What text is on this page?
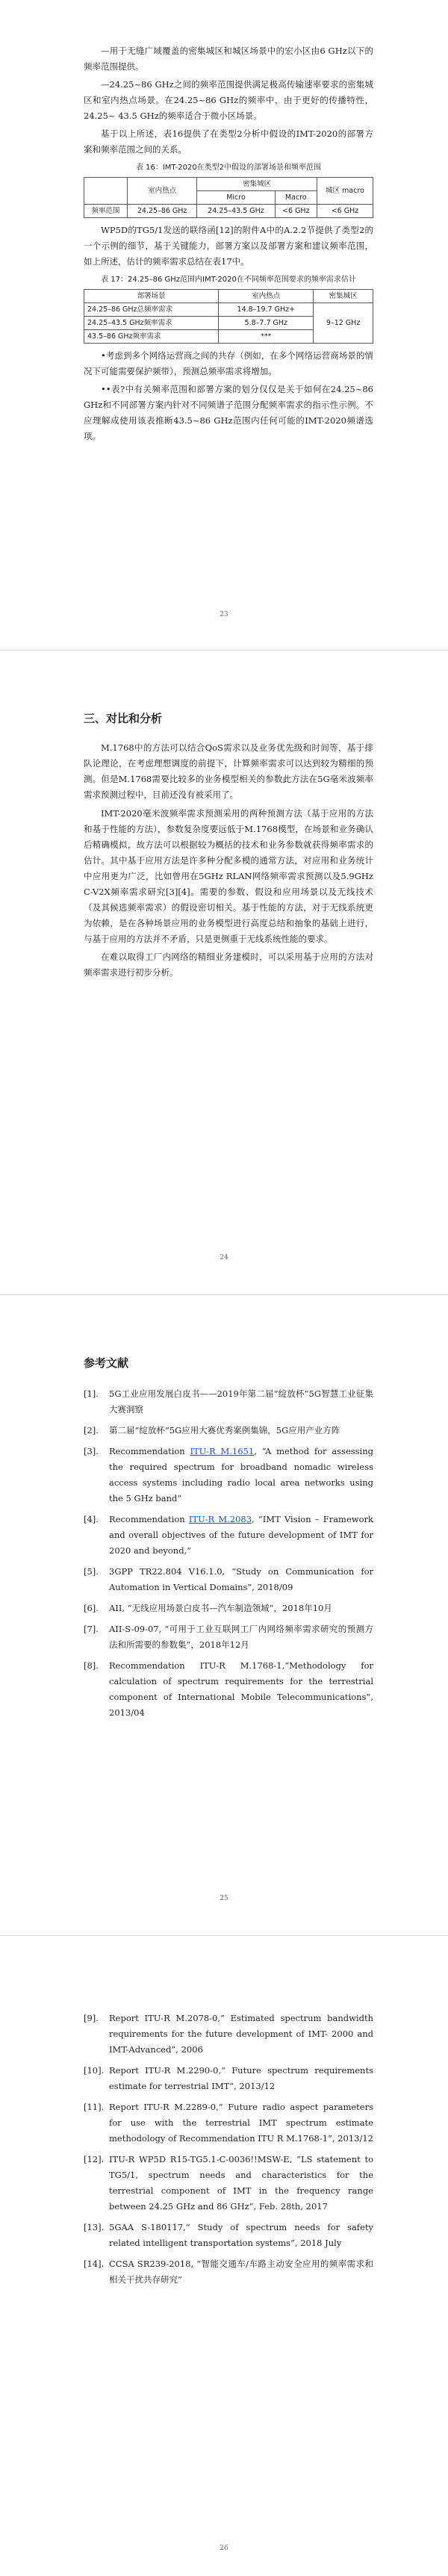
—用于无缝广域覆盖的密集城区和城区场景中的宏小区由6 GHz以下的频率范围提供。

—24.25~86 GHz之间的频率范围提供满足极高传输速率要求的密集城区和室内热点场景。在24.25~86 GHz的频率中，由于更好的传播特性，24.25~ 43.5 GHz的频率适合于微小区场景。

基于以上所述，表16提供了在类型2分析中假设的IMT-2020的部署方案和频率范围之间的关系。

表 16：IMT-2020在类型2中假设的部署场景和频率范围
	室内热点	密集城区		城区 macro
		Micro	Macro	
频率范围	24.25–86 GHz	24.25–43.5 GHz	<6 GHz	<6 GHz

WP5D的TG5/1发送的联络函[12]的附件A中的A.2.2节提供了类型2的一个示例的细节，基于关键能力，部署方案以及部署方案和建议频率范围，如上所述，估计的频率需求总结在表17中。

表 17：24.25–86 GHz范围内IMT-2020在不同频率范围要求的频率需求估计
部署场景	室内热点	密集城区
24.25–86 GHz总频率需求	14.8–19.7 GHz+	9–12 GHz
24.25–43.5 GHz频率需求	5.8–7.7 GHz	
43.5–86 GHz频率需求	***	

•考虑到多个网络运营商之间的共存（例如，在多个网络运营商场景的情况下可能需要保护频带），预测总频率需求将增加。

••表?中有关频率范围和部署方案的划分仅仅是关于如何在24.25~86 GHz和不同部署方案内针对不同频谱子范围分配频率需求的指示性示例。不应理解成使用该表推断43.5~86 GHz范围内任何可能的IMT-2020频谱选项。

23
三、对比和分析

M.1768中的方法可以结合QoS需求以及业务优先级和时间等，基于排队论理论，在考虑理想调度的前提下，计算频率需求可以达到较为精细的预测。但是M.1768需要比较多的业务模型相关的参数此方法在5G毫米波频率需求预测过程中，目前还没有被采用了。

IMT-2020毫米波频率需求预测采用的两种预测方法（基于应用的方法和基于性能的方法），参数复杂度要远低于M.1768模型，在场景和业务确认后精确模拟，故方法可以根据较为概括的技术和业务参数就获得频率需求的估计。其中基于应用方法是许多种分配多模的通常方法，对应用和业务统计中应用更为广泛，比如曾用在5GHz RLAN网络频率需求预测以及5.9GHz C-V2X频率需求研究[3][4]。需要的参数、假设和应用场景以及无线技术（及其候选频率需求）的假设密切相关。基于性能的方法，对于无线系统更为依赖，是在各种场景应用的业务模型进行高度总结和抽象的基础上进行，与基于应用的方法并不矛盾，只是更侧重于无线系统性能的要求。

在难以取得工厂内网络的精细业务建模时，可以采用基于应用的方法对频率需求进行初步分析。

24
参考文献
[1].	5G工业应用发展白皮书——2019年第二届“绽放杯”5G智慧工业征集大赛洞察
[2].	第二届“绽放杯”5G应用大赛优秀案例集锦，5G应用产业方阵
[3].	Recommendation ITU-R M.1651, “A method for assessing the required spectrum for broadband nomadic wireless access systems including radio local area networks using the 5 GHz band”
[4].	Recommendation ITU-R M.2083, “IMT Vision – Framework and overall objectives of the future development of IMT for 2020 and beyond,”
[5].	3GPP TR22.804 V16.1.0, “Study on Communication for Automation in Vertical Domains”, 2018/09
[6].	AII, “无线应用场景白皮书—汽车制造领域”，2018年10月
[7].	AII-S-09-07, “可用于工业互联网工厂内网络频率需求研究的预测方法和所需要的参数集”，2018年12月
[8].	Recommendation ITU-R M.1768-1,“Methodology for calculation of spectrum requirements for the terrestrial component of International Mobile Telecommunications”, 2013/04
25
[9].	Report ITU-R M.2078-0,“ Estimated spectrum bandwidth requirements for the future development of IMT- 2000 and IMT-Advanced”, 2006
[10]. Report ITU-R M.2290-0,“ Future spectrum requirements estimate for terrestrial IMT”, 2013/12
[11]. Report ITU-R M.2289-0,“ Future radio aspect parameters for use with the terrestrial IMT spectrum estimate methodology of Recommendation ITU R M.1768-1”, 2013/12
[12]. ITU-R WP5D R15-TG5.1-C-0036!!MSW-E, “LS statement to TG5/1, spectrum needs and characteristics for the terrestrial component of IMT in the frequency range between 24.25 GHz and 86 GHz”, Feb. 28th, 2017
[13]. 5GAA S-180117,“ Study of spectrum needs for safety related intelligent transportation systems”, 2018 July
[14]. CCSA SR239-2018, “智能交通车/车路主动安全应用的频率需求和相关干扰共存研究”
26
